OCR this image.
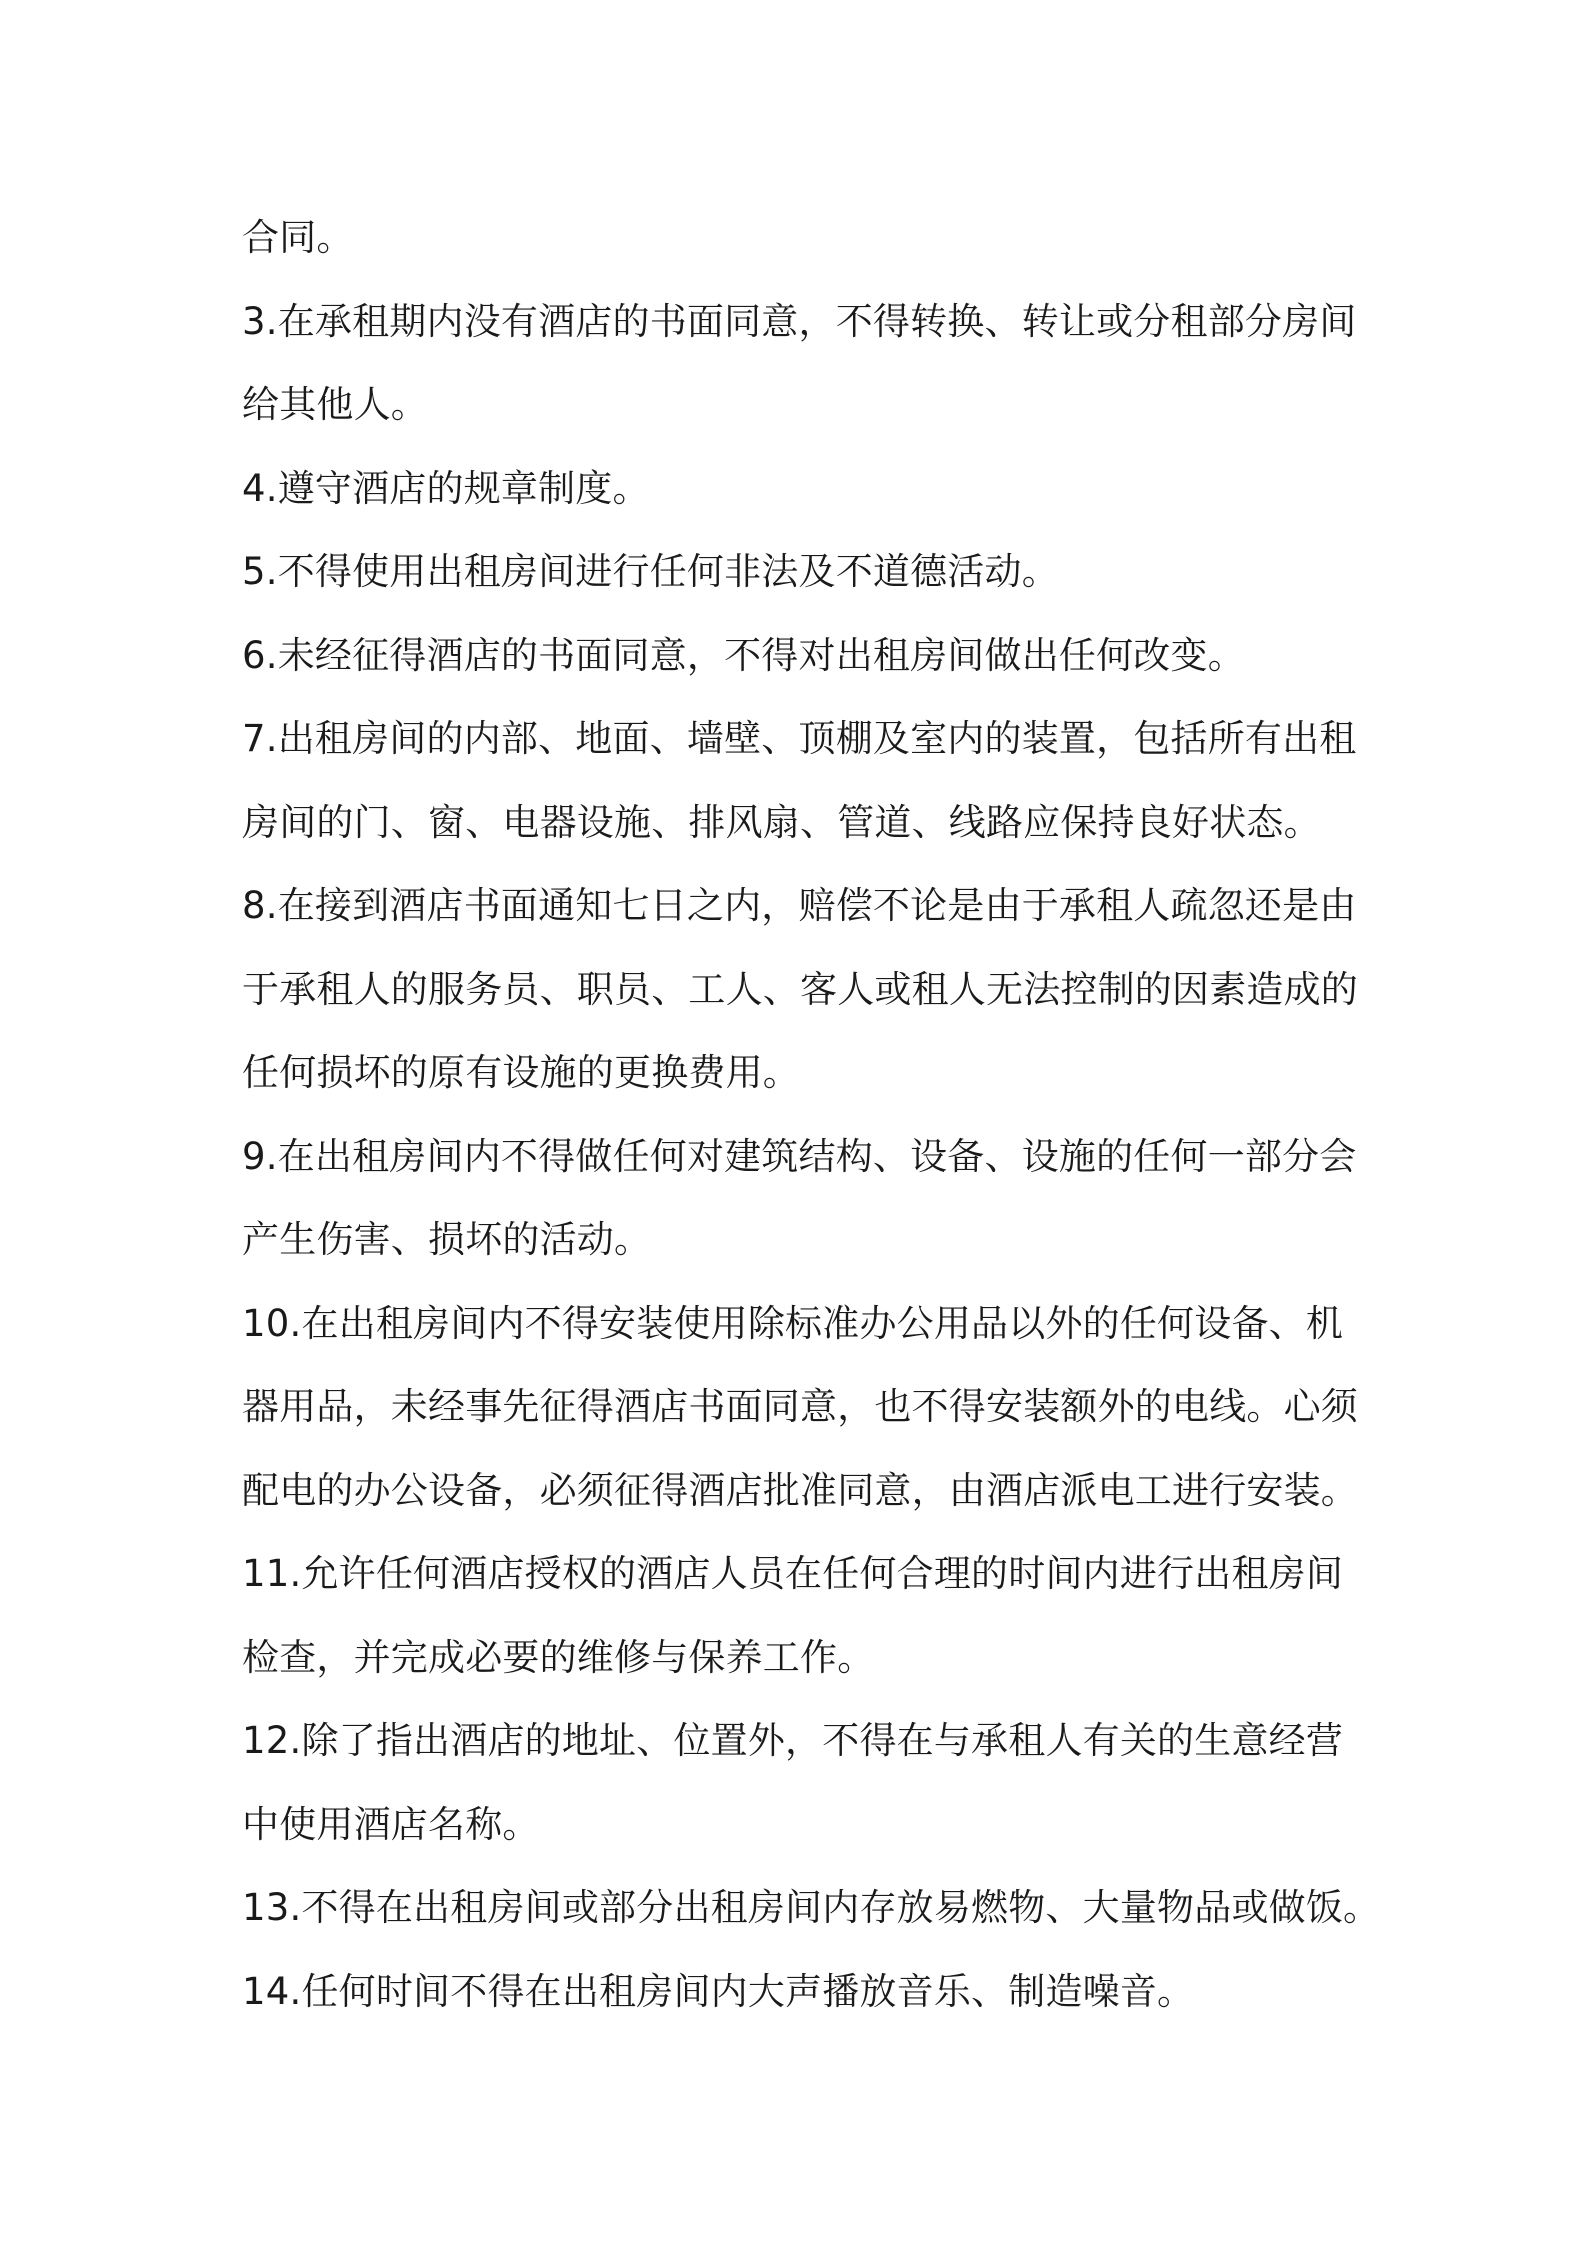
合同。
3.在承租期内没有酒店的书面同意，不得转换、转让或分租部分房间
给其他人。
4.遵守酒店的规章制度。
5.不得使用出租房间进行任何非法及不道德活动。
6.未经征得酒店的书面同意，不得对出租房间做出任何改变。
7.出租房间的内部、地面、墙壁、顶棚及室内的装置，包括所有出租
房间的门、窗、电器设施、排风扇、管道、线路应保持良好状态。
8.在接到酒店书面通知七日之内，赔偿不论是由于承租人疏忽还是由
于承租人的服务员、职员、工人、客人或租人无法控制的因素造成的
任何损坏的原有设施的更换费用。
9.在出租房间内不得做任何对建筑结构、设备、设施的任何一部分会
产生伤害、损坏的活动。
10.在出租房间内不得安装使用除标准办公用品以外的任何设备、机
器用品，未经事先征得酒店书面同意，也不得安装额外的电线。心须
配电的办公设备，必须征得酒店批准同意，由酒店派电工进行安装。
11.允许任何酒店授权的酒店人员在任何合理的时间内进行出租房间
检查，并完成必要的维修与保养工作。
12.除了指出酒店的地址、位置外，不得在与承租人有关的生意经营
中使用酒店名称。
13.不得在出租房间或部分出租房间内存放易燃物、大量物品或做饭。
14.任何时间不得在出租房间内大声播放音乐、制造噪音。
